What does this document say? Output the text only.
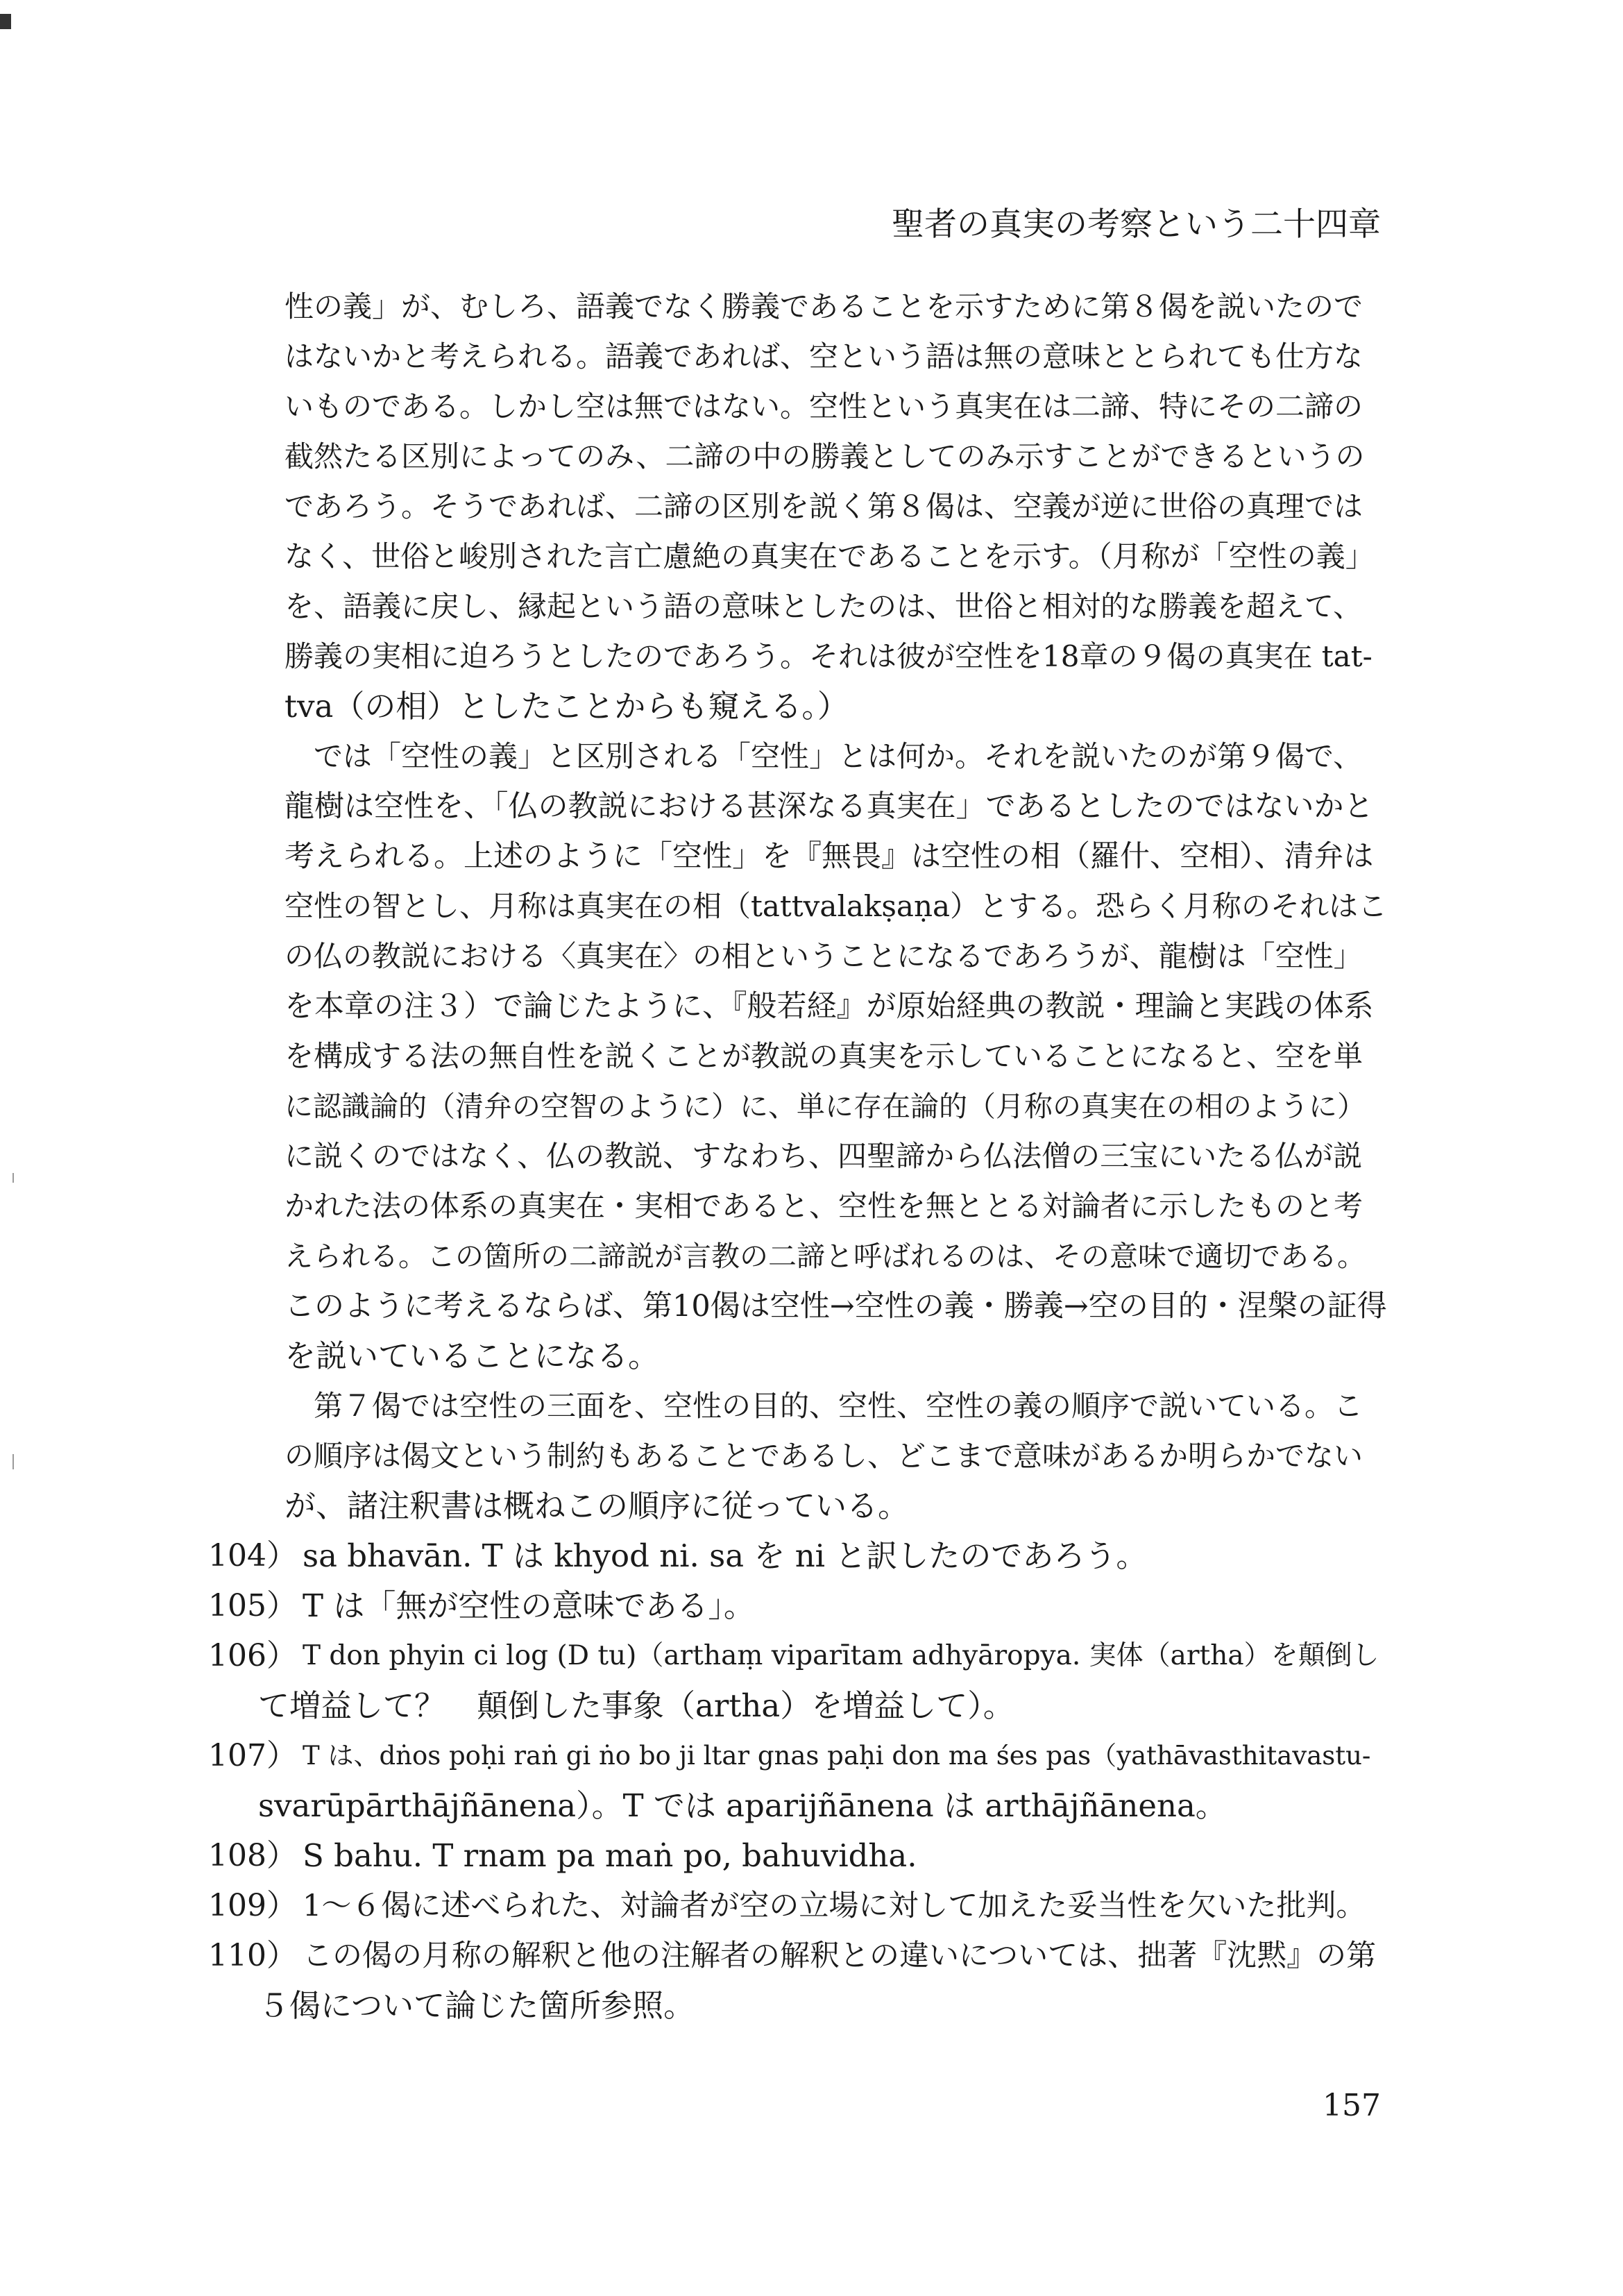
聖者の真実の考察という二十四章
性の義」が、むしろ、語義でなく勝義であることを示すために第８偈を説いたので
はないかと考えられる。語義であれば、空という語は無の意味ととられても仕方な
いものである。しかし空は無ではない。空性という真実在は二諦、特にその二諦の
截然たる区別によってのみ、二諦の中の勝義としてのみ示すことができるというの
であろう。そうであれば、二諦の区別を説く第８偈は、空義が逆に世俗の真理では
なく、世俗と峻別された言亡慮絶の真実在であることを示す。（月称が「空性の義」
を、語義に戻し、縁起という語の意味としたのは、世俗と相対的な勝義を超えて、
勝義の実相に迫ろうとしたのであろう。それは彼が空性を18章の９偈の真実在 tat-
tva（の相）としたことからも窺える。）
　では「空性の義」と区別される「空性」とは何か。それを説いたのが第９偈で、
龍樹は空性を、「仏の教説における甚深なる真実在」であるとしたのではないかと
考えられる。上述のように「空性」を『無畏』は空性の相（羅什、空相）、清弁は
空性の智とし、月称は真実在の相（tattvalakṣaṇa）とする。恐らく月称のそれはこ
の仏の教説における〈真実在〉の相ということになるであろうが、龍樹は「空性」
を本章の注３）で論じたように、『般若経』が原始経典の教説・理論と実践の体系
を構成する法の無自性を説くことが教説の真実を示していることになると、空を単
に認識論的（清弁の空智のように）に、単に存在論的（月称の真実在の相のように）
に説くのではなく、仏の教説、すなわち、四聖諦から仏法僧の三宝にいたる仏が説
かれた法の体系の真実在・実相であると、空性を無ととる対論者に示したものと考
えられる。この箇所の二諦説が言教の二諦と呼ばれるのは、その意味で適切である。
このように考えるならば、第10偈は空性→空性の義・勝義→空の目的・涅槃の証得
を説いていることになる。
　第７偈では空性の三面を、空性の目的、空性、空性の義の順序で説いている。こ
の順序は偈文という制約もあることであるし、どこまで意味があるか明らかでない
が、諸注釈書は概ねこの順序に従っている。
104） sa bhavān. T は khyod ni. sa を ni と訳したのであろう。
105） T は「無が空性の意味である」。
106） T don phyin ci log (D tu)（arthaṃ viparītam adhyāropya. 実体（artha）を顛倒し
て増益して？　顛倒した事象（artha）を増益して）。
107） T は、dṅos poḥi raṅ gi ṅo bo ji ltar gnas paḥi don ma śes pas（yathāvasthitavastu-
svarūpārthājñānena）。T では aparijñānena は arthājñānena。
108） S bahu. T rnam pa maṅ po, bahuvidha.
109） 1～６偈に述べられた、対論者が空の立場に対して加えた妥当性を欠いた批判。
110） この偈の月称の解釈と他の注解者の解釈との違いについては、拙著『沈黙』の第
５偈について論じた箇所参照。
157
